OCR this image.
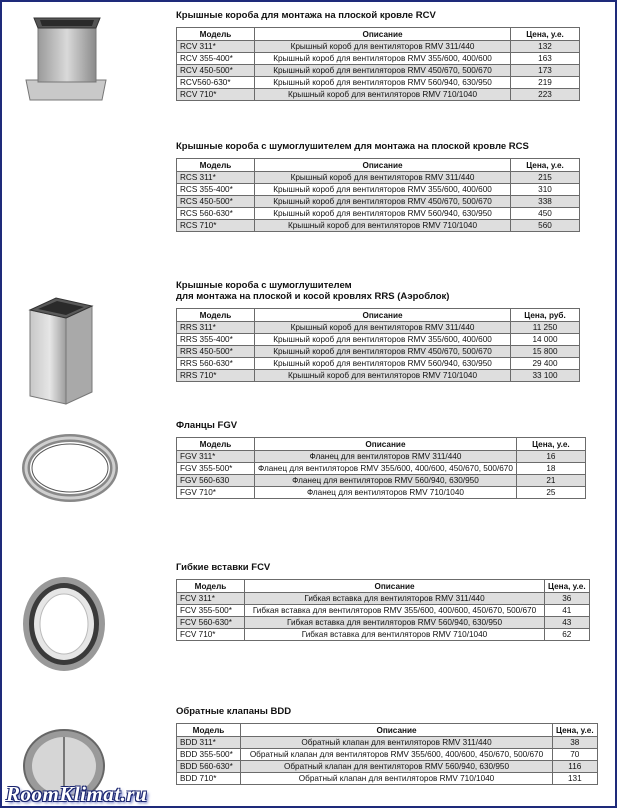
Крышные короба для монтажа на плоской кровле RCV
Модель	Описание	Цена, у.е.
RCV 311*	Крышный короб для вентиляторов RMV 311/440	132
RCV 355-400*	Крышный короб для вентиляторов RMV 355/600, 400/600	163
RCV 450-500*	Крышный короб для вентиляторов RMV 450/670, 500/670	173
RCV560-630*	Крышный короб для вентиляторов RMV 560/940, 630/950	219
RCV 710*	Крышный короб для вентиляторов RMV 710/1040	223
Крышные короба с шумоглушителем для монтажа на плоской кровле RCS
Модель	Описание	Цена, у.е.
RCS 311*	Крышный короб для вентиляторов RMV 311/440	215
RCS 355-400*	Крышный короб для вентиляторов RMV 355/600, 400/600	310
RCS 450-500*	Крышный короб для вентиляторов RMV 450/670, 500/670	338
RCS 560-630*	Крышный короб для вентиляторов RMV 560/940, 630/950	450
RCS 710*	Крышный короб для вентиляторов RMV 710/1040	560
Крышные короба с шумоглушителем
для монтажа на плоской и косой кровлях RRS (Аэроблок)
Модель	Описание	Цена, руб.
RRS 311*	Крышный короб для вентиляторов RMV 311/440	11 250
RRS 355-400*	Крышный короб для вентиляторов RMV 355/600, 400/600	14 000
RRS 450-500*	Крышный короб для вентиляторов RMV 450/670, 500/670	15 800
RRS 560-630*	Крышный короб для вентиляторов RMV 560/940, 630/950	29 400
RRS 710*	Крышный короб для вентиляторов RMV 710/1040	33 100
Фланцы FGV
Модель	Описание	Цена, у.е.
FGV 311*	Фланец для вентиляторов RMV 311/440	16
FGV 355-500*	Фланец для вентиляторов RMV 355/600, 400/600, 450/670, 500/670	18
FGV 560-630	Фланец для вентиляторов RMV 560/940, 630/950	21
FGV 710*	Фланец для вентиляторов RMV 710/1040	25
Гибкие вставки FCV
Модель	Описание	Цена, у.е.
FCV 311*	Гибкая вставка для вентиляторов RMV 311/440	36
FCV 355-500*	Гибкая вставка для вентиляторов RMV 355/600, 400/600, 450/670, 500/670	41
FCV 560-630*	Гибкая вставка для вентиляторов RMV 560/940, 630/950	43
FCV 710*	Гибкая вставка для вентиляторов RMV 710/1040	62
Обратные клапаны BDD
Модель	Описание	Цена, у.е.
BDD 311*	Обратный клапан для вентиляторов RMV 311/440	38
BDD 355-500*	Обратный клапан для вентиляторов RMV 355/600, 400/600, 450/670, 500/670	70
BDD 560-630*	Обратный клапан для вентиляторов RMV 560/940, 630/950	116
BDD 710*	Обратный клапан для вентиляторов RMV 710/1040	131
RoomKlimat.ru
